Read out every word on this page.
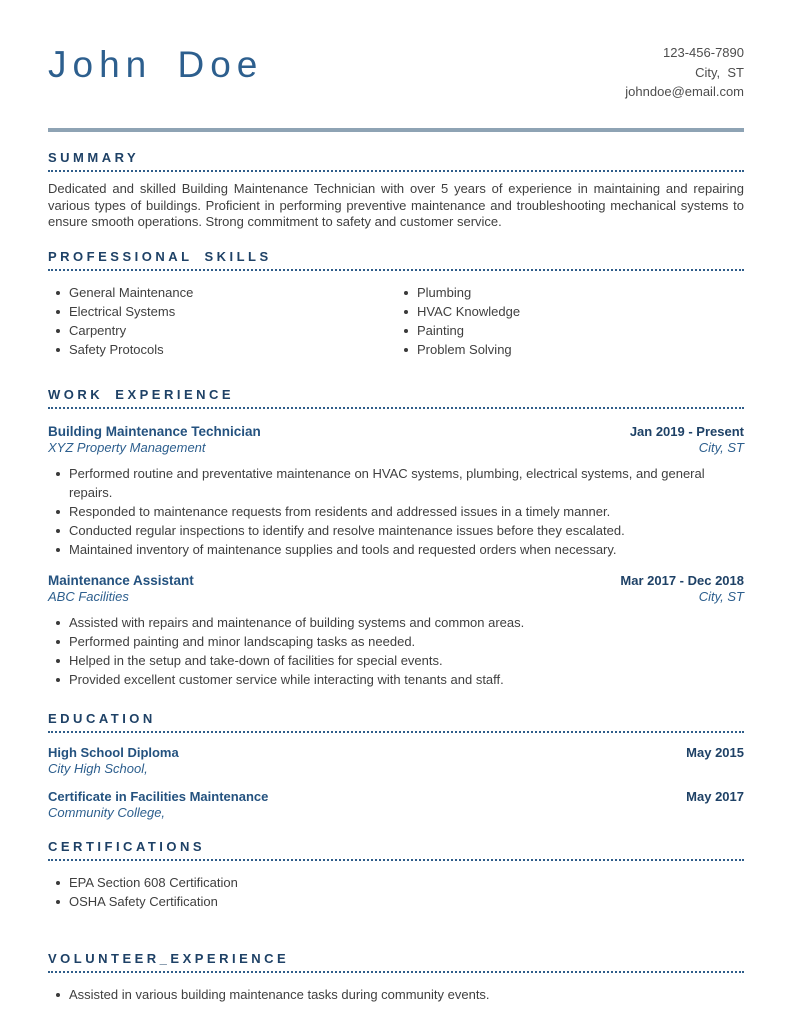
John Doe	123-456-7890
City,  ST
johndoe@email.com
SUMMARY
Dedicated and skilled Building Maintenance Technician with over 5 years of experience in maintaining and repairing various types of buildings. Proficient in performing preventive maintenance and troubleshooting mechanical systems to ensure smooth operations. Strong commitment to safety and customer service.
PROFESSIONAL SKILLS
General Maintenance
Electrical Systems
Carpentry
Safety Protocols
Plumbing
HVAC Knowledge
Painting
Problem Solving
WORK EXPERIENCE
Building Maintenance Technician	Jan 2019 - Present
XYZ Property Management	City, ST
Performed routine and preventative maintenance on HVAC systems, plumbing, electrical systems, and general repairs.
Responded to maintenance requests from residents and addressed issues in a timely manner.
Conducted regular inspections to identify and resolve maintenance issues before they escalated.
Maintained inventory of maintenance supplies and tools and requested orders when necessary.
Maintenance Assistant	Mar 2017 - Dec 2018
ABC Facilities	City, ST
Assisted with repairs and maintenance of building systems and common areas.
Performed painting and minor landscaping tasks as needed.
Helped in the setup and take-down of facilities for special events.
Provided excellent customer service while interacting with tenants and staff.
EDUCATION
High School Diploma	May 2015
City High School,
Certificate in Facilities Maintenance	May 2017
Community College,
CERTIFICATIONS
EPA Section 608 Certification
OSHA Safety Certification
VOLUNTEER_EXPERIENCE
Assisted in various building maintenance tasks during community events.
